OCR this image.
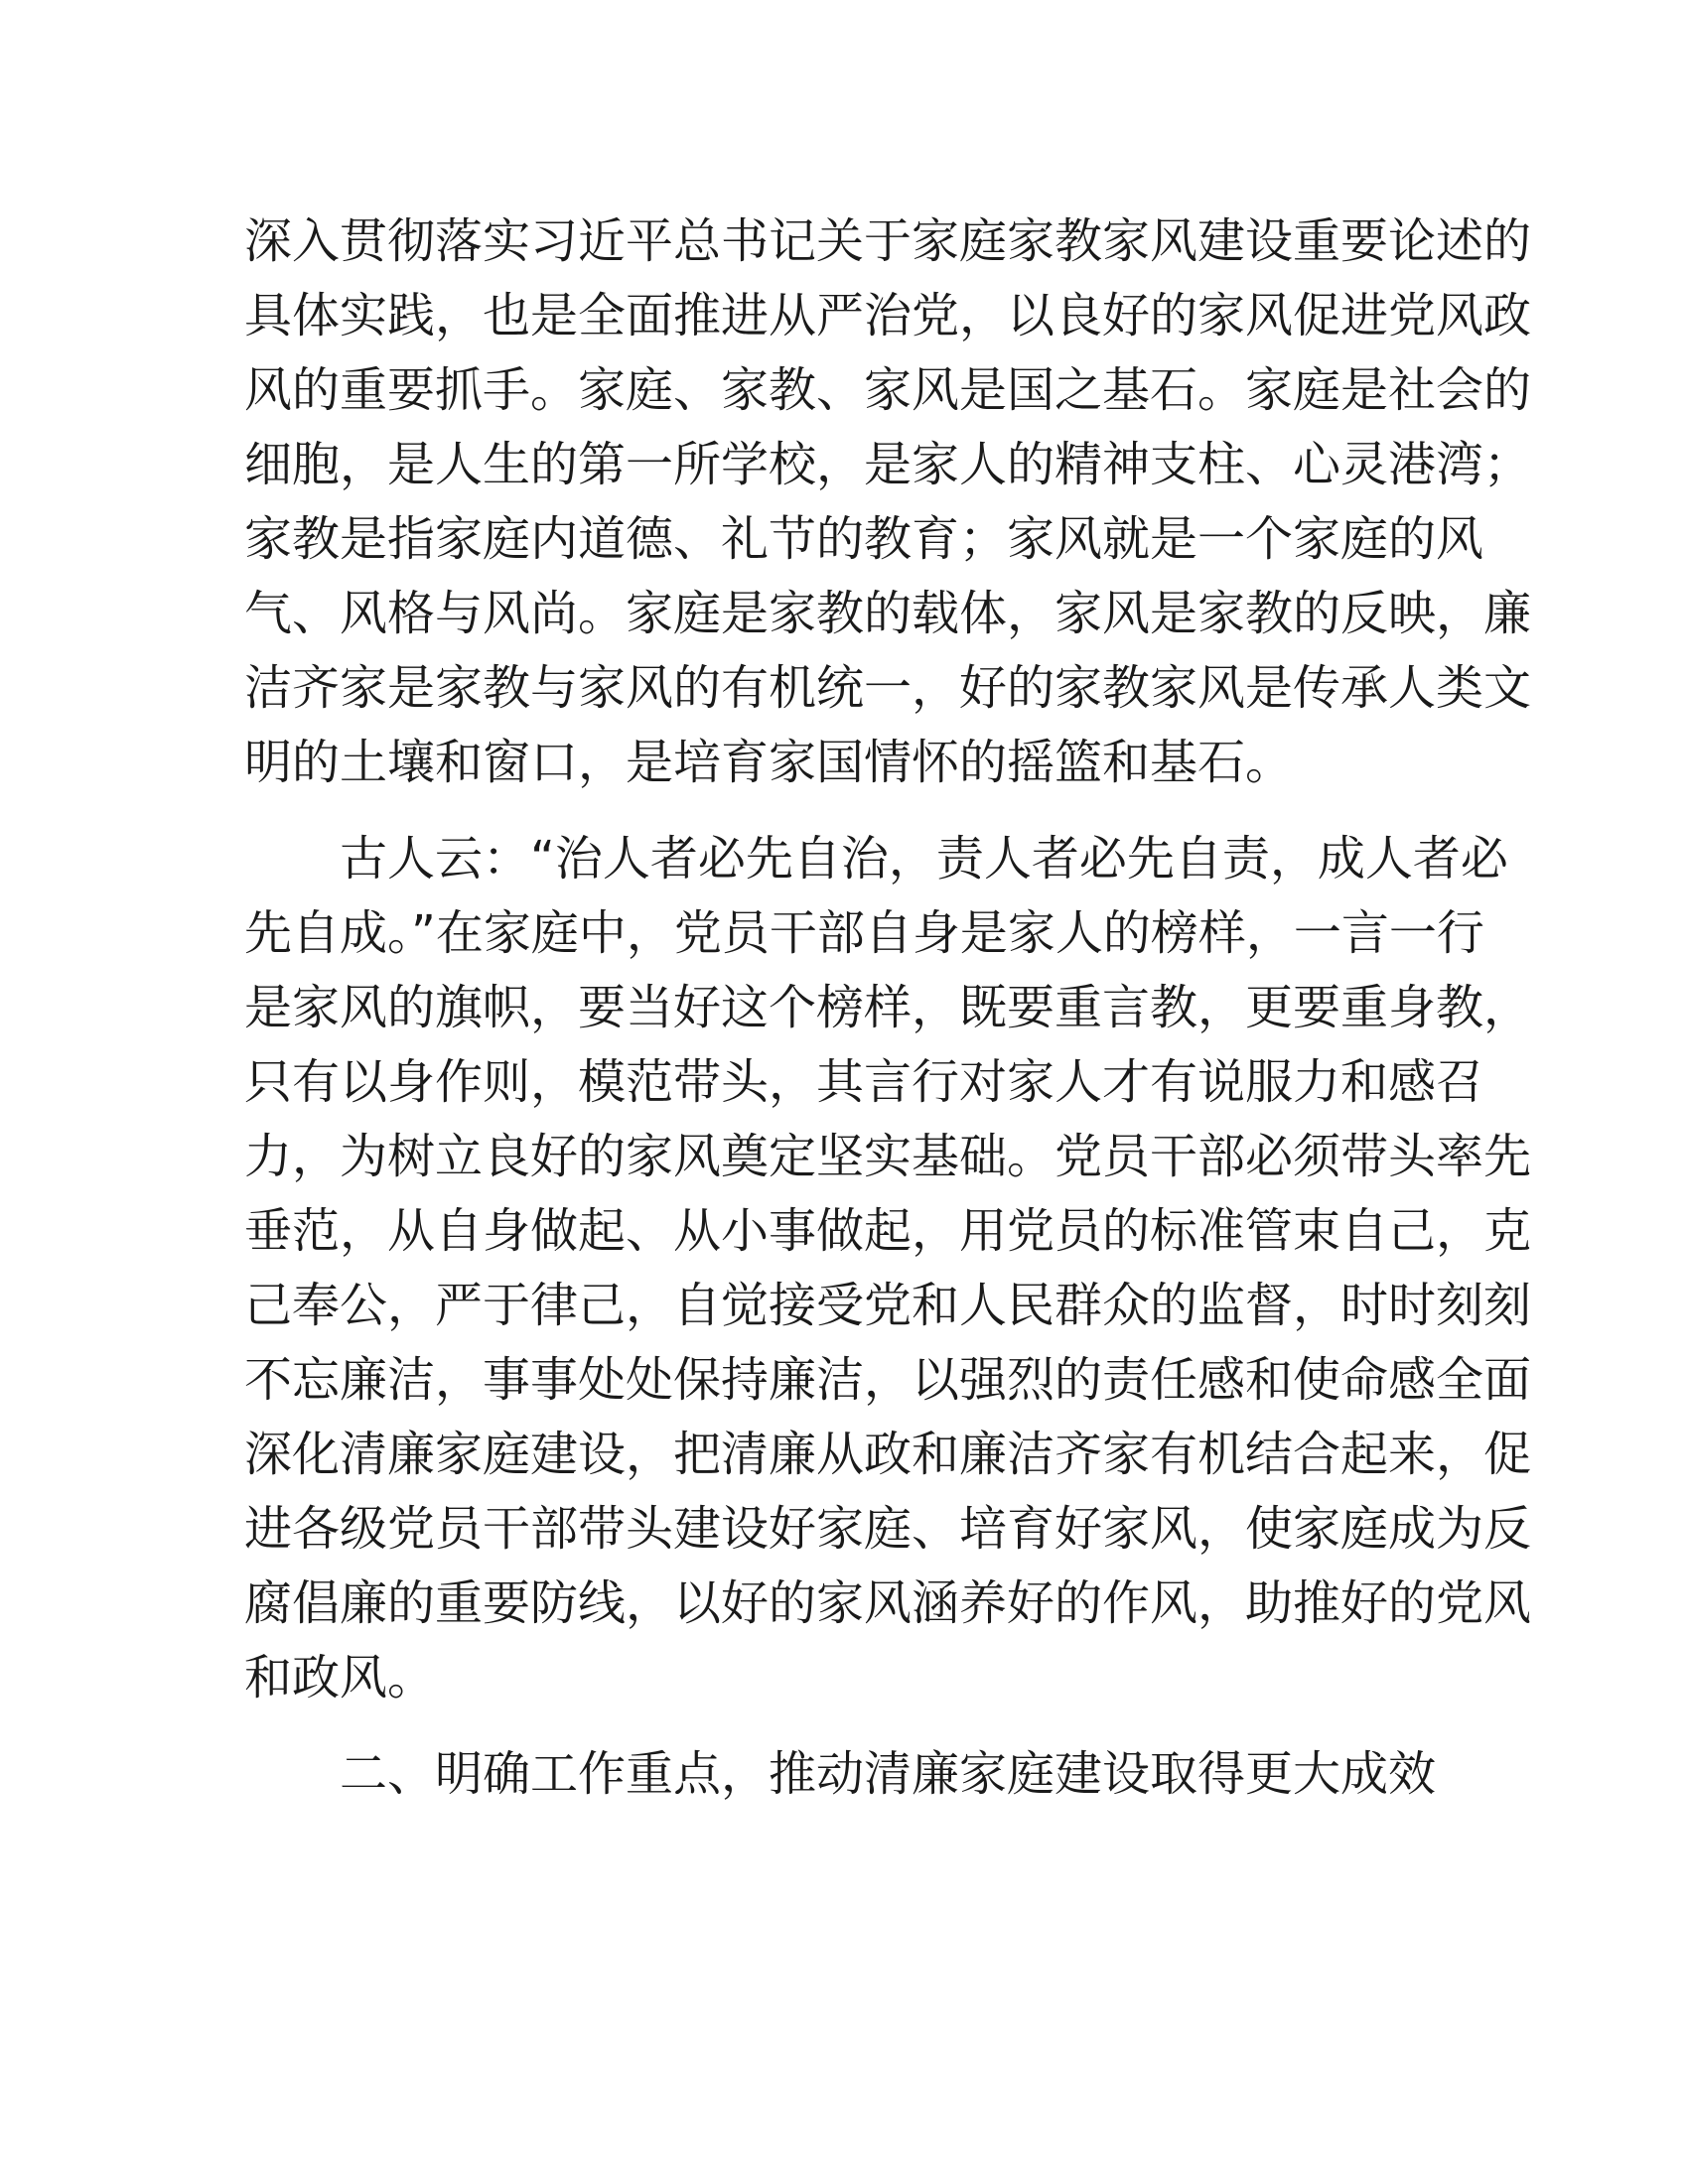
深入贯彻落实习近平总书记关于家庭家教家风建设重要论述的
具体实践，也是全面推进从严治党，以良好的家风促进党风政
风的重要抓手。家庭、家教、家风是国之基石。家庭是社会的
细胞，是人生的第一所学校，是家人的精神支柱、心灵港湾；
家教是指家庭内道德、礼节的教育；家风就是一个家庭的风
气、风格与风尚。家庭是家教的载体，家风是家教的反映，廉
洁齐家是家教与家风的有机统一，好的家教家风是传承人类文
明的土壤和窗口，是培育家国情怀的摇篮和基石。
古人云：“治人者必先自治，责人者必先自责，成人者必
先自成。”在家庭中，党员干部自身是家人的榜样，一言一行
是家风的旗帜，要当好这个榜样，既要重言教，更要重身教，
只有以身作则，模范带头，其言行对家人才有说服力和感召
力，为树立良好的家风奠定坚实基础。党员干部必须带头率先
垂范，从自身做起、从小事做起，用党员的标准管束自己，克
己奉公，严于律己，自觉接受党和人民群众的监督，时时刻刻
不忘廉洁，事事处处保持廉洁，以强烈的责任感和使命感全面
深化清廉家庭建设，把清廉从政和廉洁齐家有机结合起来，促
进各级党员干部带头建设好家庭、培育好家风，使家庭成为反
腐倡廉的重要防线，以好的家风涵养好的作风，助推好的党风
和政风。
二、明确工作重点，推动清廉家庭建设取得更大成效
